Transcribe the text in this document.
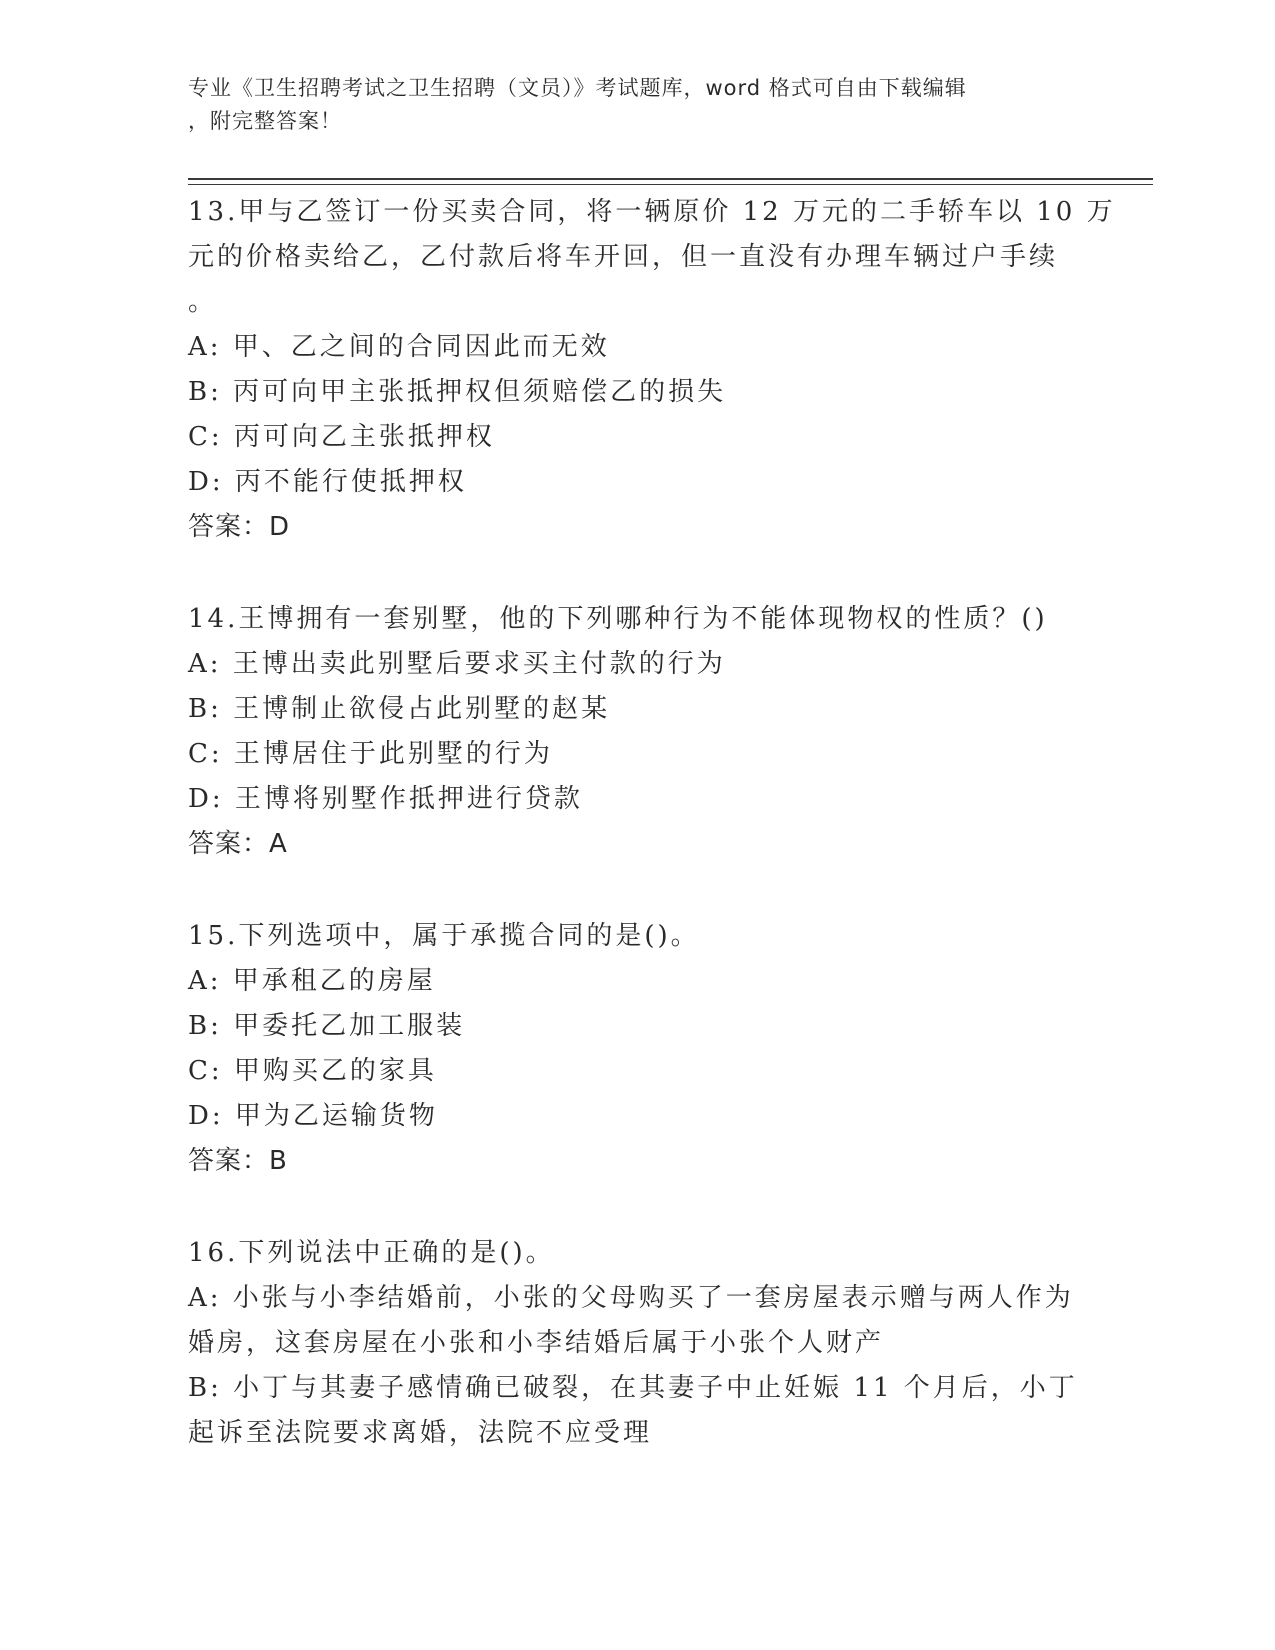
专业《卫生招聘考试之卫生招聘（文员）》考试题库，word 格式可自由下载编辑
，附完整答案！
13.甲与乙签订一份买卖合同，将一辆原价 12 万元的二手轿车以 10 万
元的价格卖给乙，乙付款后将车开回，但一直没有办理车辆过户手续
。
A: 甲、乙之间的合同因此而无效
B: 丙可向甲主张抵押权但须赔偿乙的损失
C: 丙可向乙主张抵押权
D: 丙不能行使抵押权
答案：D
14.王博拥有一套别墅，他的下列哪种行为不能体现物权的性质？()
A: 王博出卖此别墅后要求买主付款的行为
B: 王博制止欲侵占此别墅的赵某
C: 王博居住于此别墅的行为
D: 王博将别墅作抵押进行贷款
答案：A
15.下列选项中，属于承揽合同的是()。
A: 甲承租乙的房屋
B: 甲委托乙加工服装
C: 甲购买乙的家具
D: 甲为乙运输货物
答案：B
16.下列说法中正确的是()。
A: 小张与小李结婚前，小张的父母购买了一套房屋表示赠与两人作为
婚房，这套房屋在小张和小李结婚后属于小张个人财产
B: 小丁与其妻子感情确已破裂，在其妻子中止妊娠 11 个月后，小丁
起诉至法院要求离婚，法院不应受理
